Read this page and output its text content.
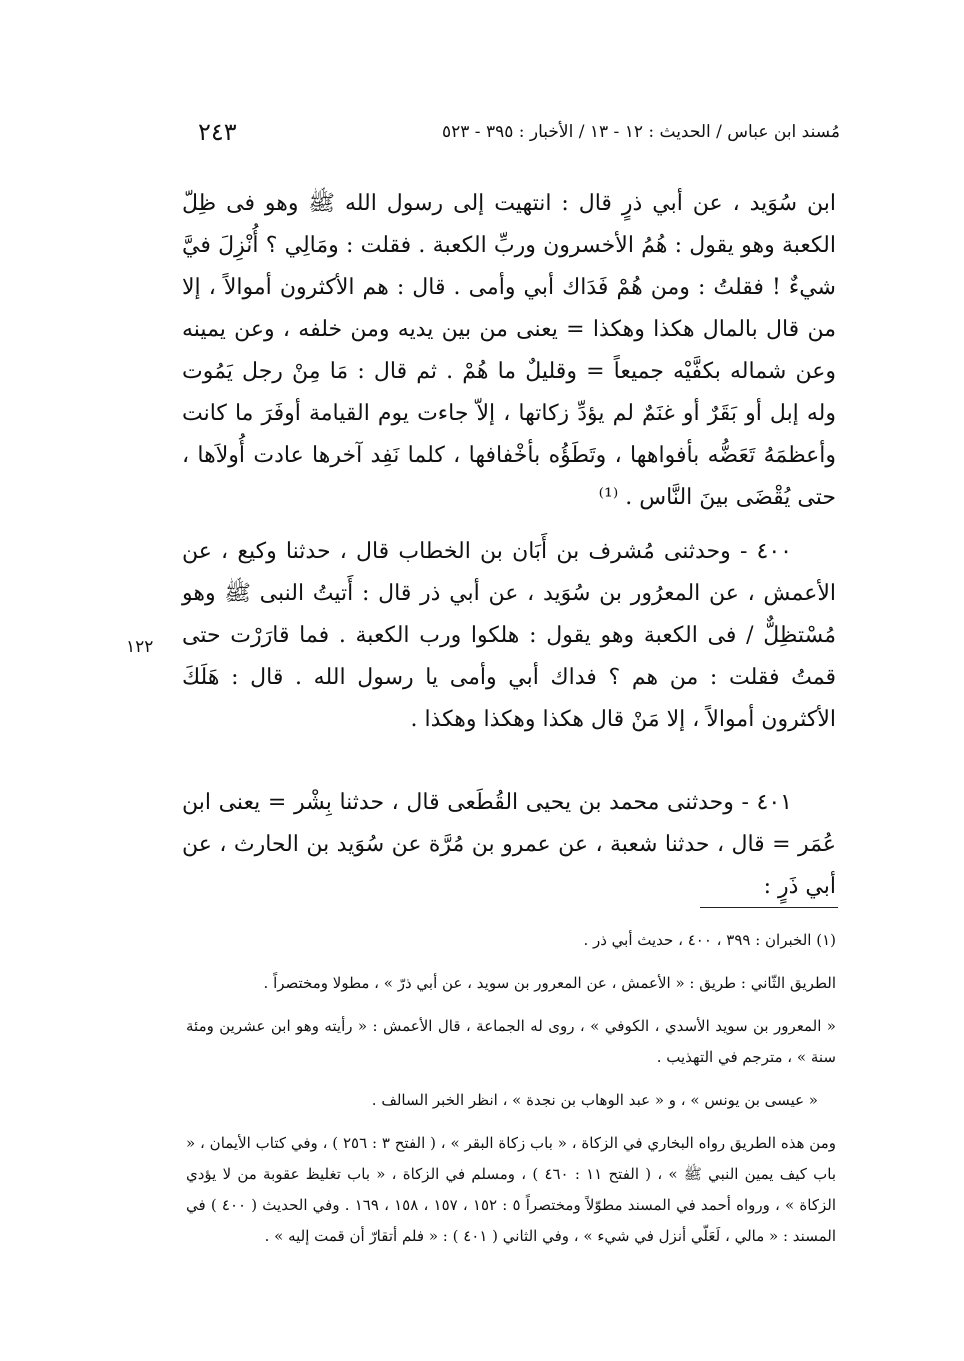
٢٤٣	مُسند ابن عباس / الحديث : ١٢ - ١٣ / الأخبار : ٣٩٥ - ٥٢٣

ابن سُوَيد ، عن أبي ذرٍ قال : انتهيت إلى رسول الله ﷺ وهو فى ظِلّ الكعبة وهو يقول : هُمُ الأخسرون وربِّ الكعبة . فقلت : ومَالِي ؟ أُنْزِلَ فيَّ شيءٌ ! فقلتُ : ومن هُمْ فَدَاك أبي وأمى . قال : هم الأكثرون أموالاً ، إلا من قال بالمال هكذا وهكذا = يعنى من بين يديه ومن خلفه ، وعن يمينه وعن شماله بكفَّيْه جميعاً = وقليلٌ ما هُمْ . ثم قال : مَا مِنْ رجل يَمُوت وله إبل أو بَقَرٌ أو غنَمٌ لم يؤدِّ زكاتها ، إلاّ جاءت يوم القيامة أوفَرَ ما كانت وأعظمَهُ تَعَضُّه بأفواهها ، وتَطَؤُه بأخْفافها ، كلما نَفِد آخرها عادت أُولاَها ، حتى يُقْضَى بينَ النَّاس . ⁽¹⁾

٤٠٠ - وحدثنى مُشرف بن أَبَان بن الخطاب قال ، حدثنا وكيع ، عن الأعمش ، عن المعرُور بن سُوَيد ، عن أبي ذر قال : أَتيتُ النبى ﷺ وهو مُسْتظِلٌّ / فى الكعبة وهو يقول : هلكوا ورب الكعبة . فما قارَرْت حتى قمتُ فقلت : من هم ؟ فداك أبي وأمى يا رسول الله . قال : هَلَكَ الأكثرون أموالاً ، إلا مَنْ قال هكذا وهكذا وهكذا .

١٢٢

٤٠١ - وحدثنى محمد بن يحيى القُطَعى قال ، حدثنا بِشْر = يعنى ابن عُمَر = قال ، حدثنا شعبة ، عن عمرو بن مُرَّة عن سُوَيد بن الحارث ، عن أبي ذَرٍ :

(١) الخبران : ٣٩٩ ، ٤٠٠ ، حديث أبي ذر .

الطريق الثّاني : طريق : « الأعمش ، عن المعرور بن سويد ، عن أبي ذرّ » ، مطولا ومختصراً .

« المعرور بن سويد الأسدي ، الكوفي » ، روى له الجماعة ، قال الأعمش : « رأيته وهو ابن عشرين ومئة سنة » ، مترجم في التهذيب .

« عيسى بن يونس » ، و « عبد الوهاب بن نجدة » ، انظر الخبر السالف .

ومن هذه الطريق رواه البخاري في الزكاة ، « باب زكاة البقر » ، ( الفتح ٣ : ٢٥٦ ) ، وفي كتاب الأيمان ، « باب كيف يمين النبي ﷺ » ، ( الفتح ١١ : ٤٦٠ ) ، ومسلم في الزكاة ، « باب تغليظ عقوبة من لا يؤدي الزكاة » ، ورواه أحمد في المسند مطوّلاً ومختصراً ٥ : ١٥٢ ، ١٥٧ ، ١٥٨ ، ١٦٩ . وفي الحديث ( ٤٠٠ ) في المسند : « مالي ، لَعَلّي أنزل في شيء » ، وفي الثاني ( ٤٠١ ) : « فلم أتقارّ أن قمت إليه » .
